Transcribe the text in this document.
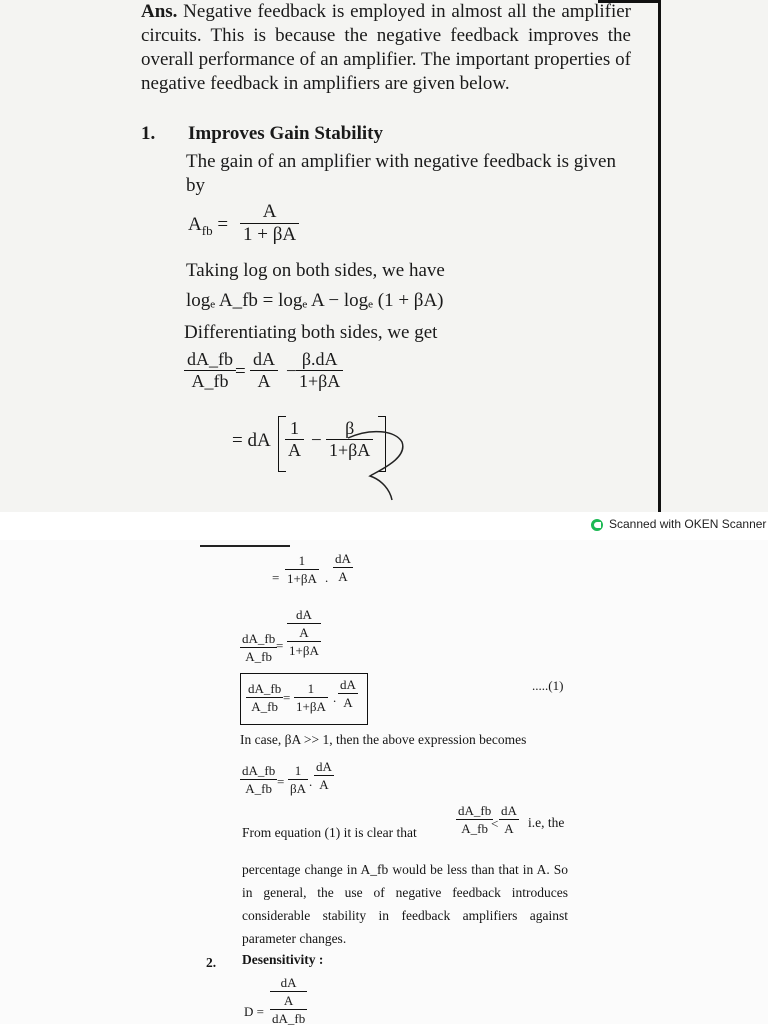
Ans. Negative feedback is employed in almost all the amplifier circuits. This is because the negative feedback improves the overall performance of an amplifier. The important properties of negative feedback in amplifiers are given below.
1. Improves Gain Stability
The gain of an amplifier with negative feedback is given by
$A_{fb}$ =
A
1 + βA
Taking log on both sides, we have
logₑ A_fb = logₑ A − logₑ (1 + βA)
Differentiating both sides, we get
dA_fb
A_fb =
dA
A −
β.dA
1+βA
= dA
1
A −
β
1+βA
Scanned with OKEN Scanner
=
1
1+βA .
dA
A
dA_fb
A_fb
=
dA
A
1+βA
dA_fb
A_fb
=
1
1+βA
.
dA
A
.....(1)
In case, βA >> 1, then the above expression becomes
dA_fb
A_fb =
1
βA .
dA
A
From equation (1) it is clear that
dA_fb
A_fb <
dA
A	i.e, the
percentage change in A_fb would be less than that in A. So in general, the use of negative feedback introduces considerable stability in feedback amplifiers against parameter changes.
2. Desensitivity :
D =
dA
A
dA_fb
